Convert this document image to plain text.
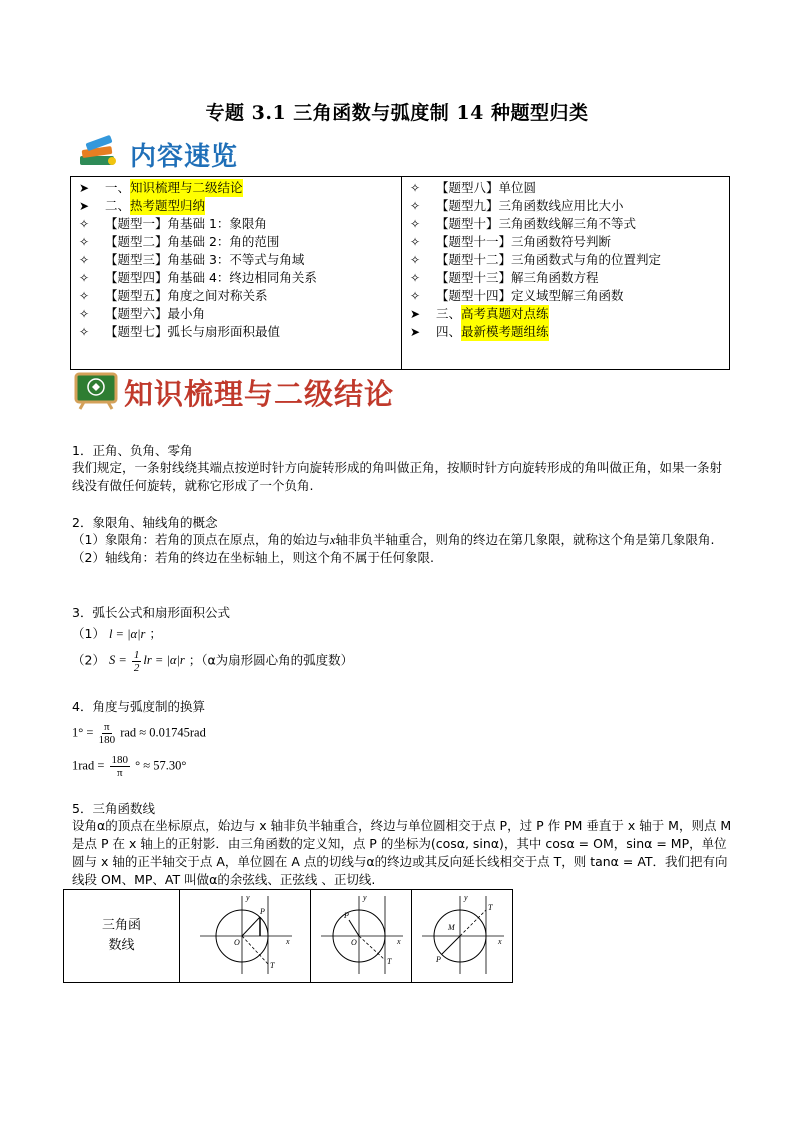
专题 3.1 三角函数与弧度制 14 种题型归类
内容速览
➤	一、 知识梳理与二级结论
➤	二、 热考题型归纳
✧	【题型一】角基础 1：象限角
✧	【题型二】角基础 2：角的范围
✧	【题型三】角基础 3：不等式与角域
✧	【题型四】角基础 4：终边相同角关系
✧	【题型五】角度之间对称关系
✧	【题型六】最小角
✧	【题型七】弧长与扇形面积最值

✧	【题型八】单位圆
✧	【题型九】三角函数线应用比大小
✧	【题型十】三角函数线解三角不等式
✧	【题型十一】三角函数符号判断
✧	【题型十二】三角函数式与角的位置判定
✧	【题型十三】解三角函数方程
✧	【题型十四】定义域型解三角函数
➤	三、 高考真题对点练
➤	四、 最新模考题组练
知识梳理与二级结论
1．正角、负角、零角
我们规定，一条射线绕其端点按逆时针方向旋转形成的角叫做正角，按顺时针方向旋转形成的角叫做正角，如果一条射线没有做任何旋转，就称它形成了一个负角.
2．象限角、轴线角的概念
（1）象限角：若角的顶点在原点，角的始边与x轴非负半轴重合，则角的终边在第几象限，就称这个角是第几象限角.
（2）轴线角：若角的终边在坐标轴上，则这个角不属于任何象限.
3．弧长公式和扇形面积公式
（1） l = |α|r ；
（2） $S = \frac{1}{2}$ lr = |α|r ；（α为扇形圆心角的弧度数）
4．角度与弧度制的换算
$1^\circ = \frac{\pi}{180}$ rad ≈ 0.01745rad
$1rad = \frac{180}{\pi}$ ° ≈ 57.30°
5．三角函数线
设角α的顶点在坐标原点，始边与 x 轴非负半轴重合，终边与单位圆相交于点 P，过 P 作 PM 垂直于 x 轴于 M，则点 M 是点 P 在 x 轴上的正射影．由三角函数的定义知，点 P 的坐标为(cosα, sinα)，其中 cosα = OM，sinα = MP，单位圆与 x 轴的正半轴交于点 A，单位圆在 A 点的切线与α的终边或其反向延长线相交于点 T，则 tanα = AT．我们把有向线段 OM、MP、AT 叫做α的余弦线、正弦线 、正切线.
三角函
数线

y
x
O
P
T

y
x
O
P
T

y
x
M
P
T
